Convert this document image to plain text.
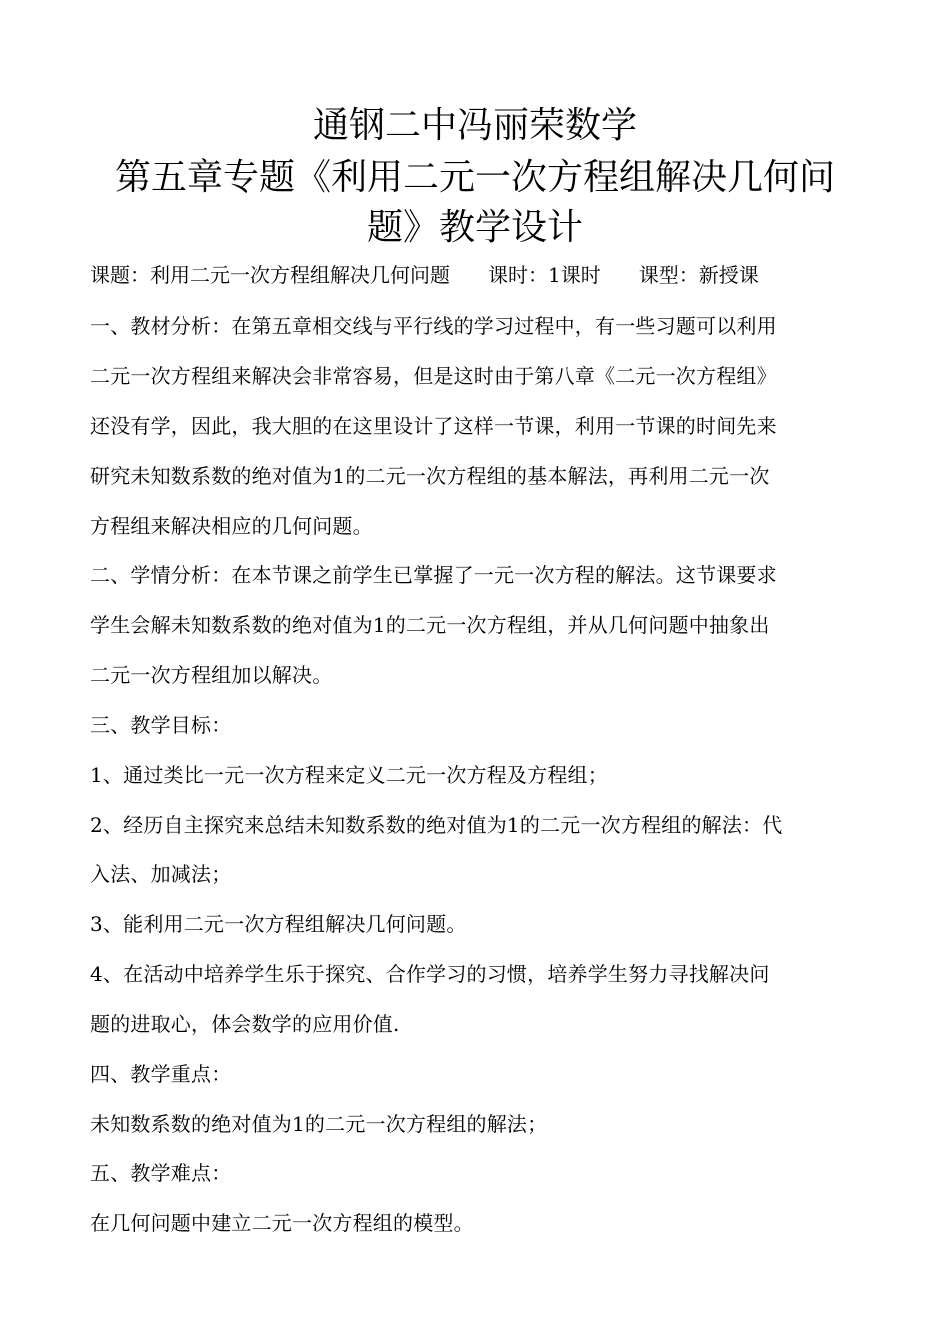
通钢二中冯丽荣数学
第五章专题《利用二元一次方程组解决几何问
题》教学设计
课题：利用二元一次方程组解决几何问题 课时：1课时 课型：新授课
一、教材分析：在第五章相交线与平行线的学习过程中，有一些习题可以利用
二元一次方程组来解决会非常容易，但是这时由于第八章《二元一次方程组》
还没有学，因此，我大胆的在这里设计了这样一节课，利用一节课的时间先来
研究未知数系数的绝对值为1的二元一次方程组的基本解法，再利用二元一次
方程组来解决相应的几何问题。
二、学情分析：在本节课之前学生已掌握了一元一次方程的解法。这节课要求
学生会解未知数系数的绝对值为1的二元一次方程组，并从几何问题中抽象出
二元一次方程组加以解决。
三、教学目标：
1、通过类比一元一次方程来定义二元一次方程及方程组；
2、经历自主探究来总结未知数系数的绝对值为1的二元一次方程组的解法：代
入法、加减法；
3、能利用二元一次方程组解决几何问题。
4、在活动中培养学生乐于探究、合作学习的习惯，培养学生努力寻找解决问
题的进取心，体会数学的应用价值.
四、教学重点：
未知数系数的绝对值为1的二元一次方程组的解法；
五、教学难点：
在几何问题中建立二元一次方程组的模型。
